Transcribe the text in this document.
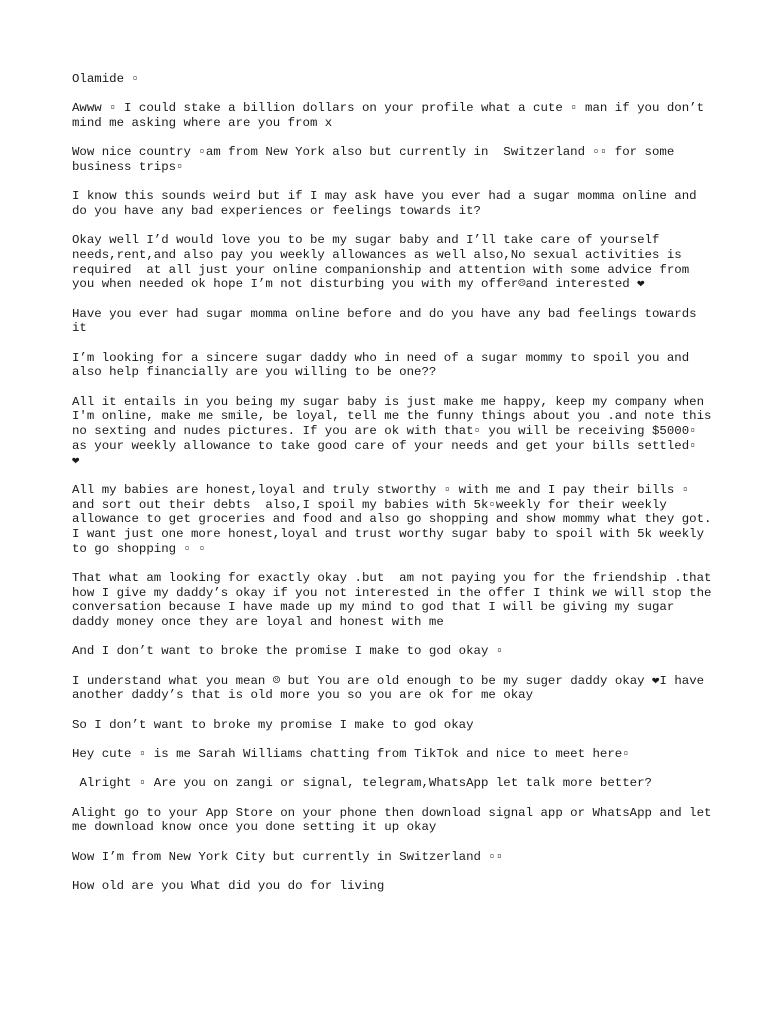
Olamide ▫

Awww ▫ I could stake a billion dollars on your profile what a cute ▫ man if you don’t mind me asking where are you from x

Wow nice country ▫am from New York also but currently in  Switzerland ▫▫ for some business trips▫

I know this sounds weird but if I may ask have you ever had a sugar momma online and do you have any bad experiences or feelings towards it?

Okay well I’d would love you to be my sugar baby and I’ll take care of yourself needs,rent,and also pay you weekly allowances as well also,No sexual activities is required  at all just your online companionship and attention with some advice from you when needed ok hope I’m not disturbing you with my offer☹and interested ❤

Have you ever had sugar momma online before and do you have any bad feelings towards it

I’m looking for a sincere sugar daddy who in need of a sugar mommy to spoil you and also help financially are you willing to be one??

All it entails in you being my sugar baby is just make me happy, keep my company when I'm online, make me smile, be loyal, tell me the funny things about you .and note this no sexting and nudes pictures. If you are ok with that▫ you will be receiving $5000▫ as your weekly allowance to take good care of your needs and get your bills settled▫
❤

All my babies are honest,loyal and truly stworthy ▫ with me and I pay their bills ▫ and sort out their debts  also,I spoil my babies with 5k▫weekly for their weekly allowance to get groceries and food and also go shopping and show mommy what they got. I want just one more honest,loyal and trust worthy sugar baby to spoil with 5k weekly to go shopping ▫ ▫

That what am looking for exactly okay .but  am not paying you for the friendship .that how I give my daddy’s okay if you not interested in the offer I think we will stop the conversation because I have made up my mind to god that I will be giving my sugar daddy money once they are loyal and honest with me

And I don’t want to broke the promise I make to god okay ▫

I understand what you mean ☹ but You are old enough to be my suger daddy okay ❤I have another daddy’s that is old more you so you are ok for me okay

So I don’t want to broke my promise I make to god okay

Hey cute ▫ is me Sarah Williams chatting from TikTok and nice to meet here▫

Alright ▫ Are you on zangi or signal, telegram,WhatsApp let talk more better?

Alight go to your App Store on your phone then download signal app or WhatsApp and let me download know once you done setting it up okay

Wow I’m from New York City but currently in Switzerland ▫▫

How old are you What did you do for living
